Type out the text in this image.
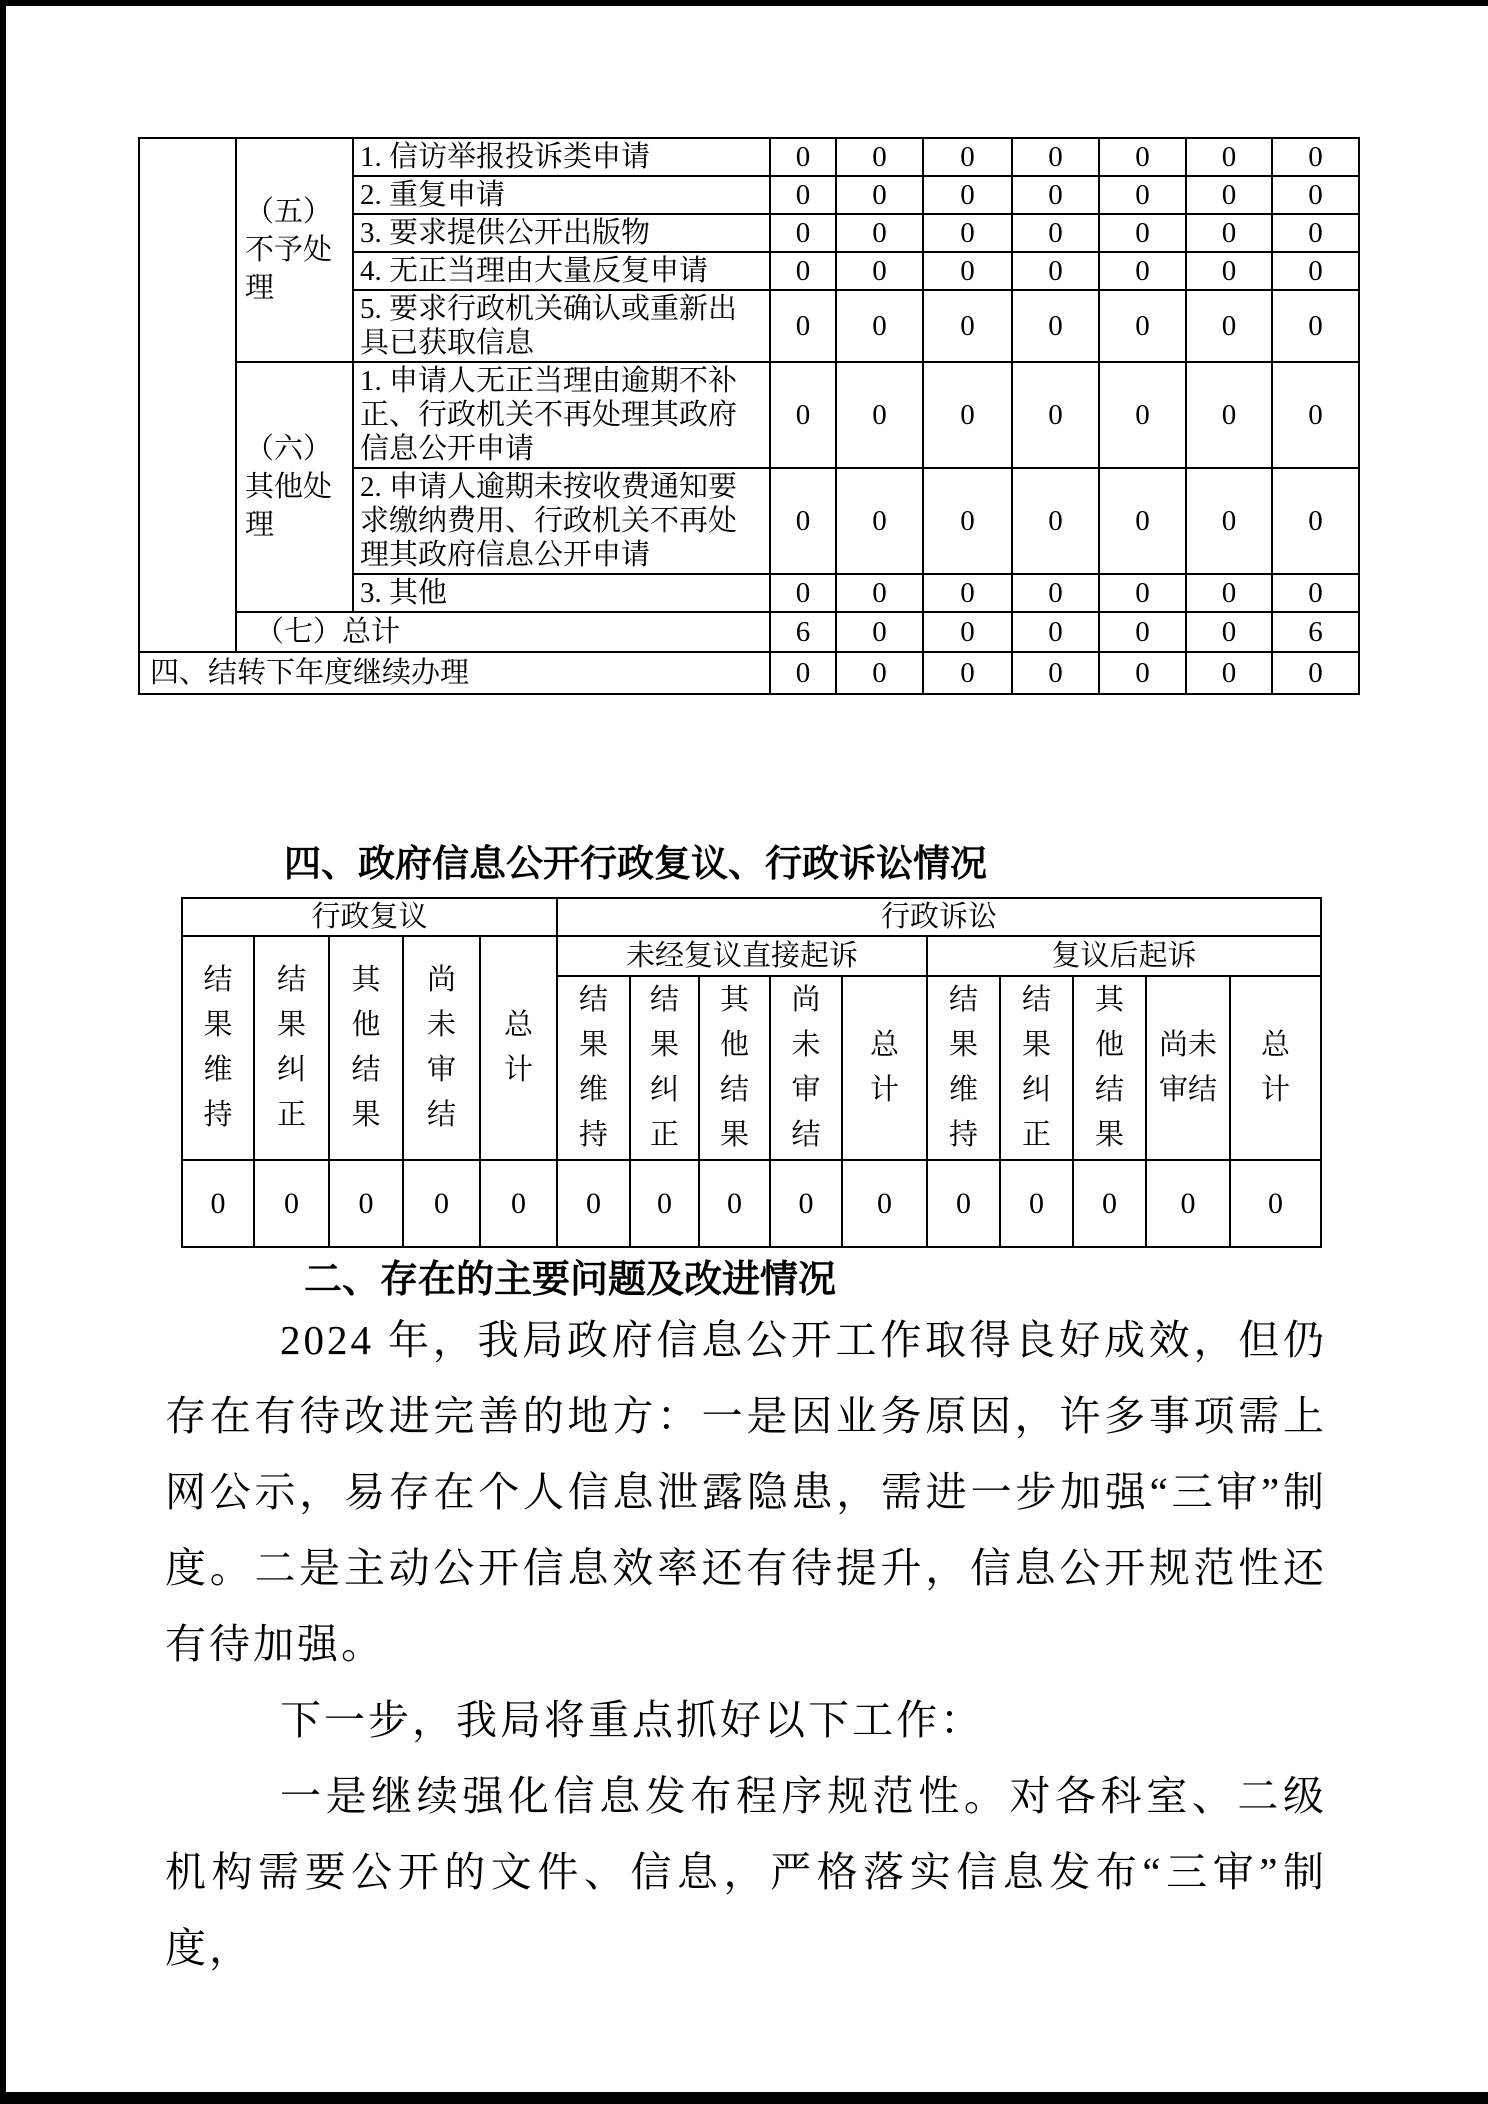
	（五）不予处理	1. 信访举报投诉类申请	0	0	0	0	0	0	0
		2. 重复申请	0	0	0	0	0	0	0
		3. 要求提供公开出版物	0	0	0	0	0	0	0
		4. 无正当理由大量反复申请	0	0	0	0	0	0	0
		5. 要求行政机关确认或重新出具已获取信息	0	0	0	0	0	0	0
	（六）其他处理	1. 申请人无正当理由逾期不补正、行政机关不再处理其政府信息公开申请	0	0	0	0	0	0	0
		2. 申请人逾期未按收费通知要求缴纳费用、行政机关不再处理其政府信息公开申请	0	0	0	0	0	0	0
		3. 其他	0	0	0	0	0	0	0
	（七）总计		6	0	0	0	0	0	6
四、结转下年度继续办理			0	0	0	0	0	0	0
四、政府信息公开行政复议、行政诉讼情况
行政复议					行政诉讼									
结果维持	结果纠正	其他结果	尚未审结	总计	未经复议直接起诉					复议后起诉				
					结果维持	结果纠正	其他结果	尚未审结	总计	结果维持	结果纠正	其他结果	尚未审结	总计
0	0	0	0	0	0	0	0	0	0	0	0	0	0	0
二、存在的主要问题及改进情况

2024 年，我局政府信息公开工作取得良好成效，但仍存在有待改进完善的地方：一是因业务原因，许多事项需上网公示，易存在个人信息泄露隐患，需进一步加强“三审”制度。二是主动公开信息效率还有待提升，信息公开规范性还有待加强。

下一步，我局将重点抓好以下工作：

一是继续强化信息发布程序规范性。对各科室、二级机构需要公开的文件、信息，严格落实信息发布“三审”制度，
